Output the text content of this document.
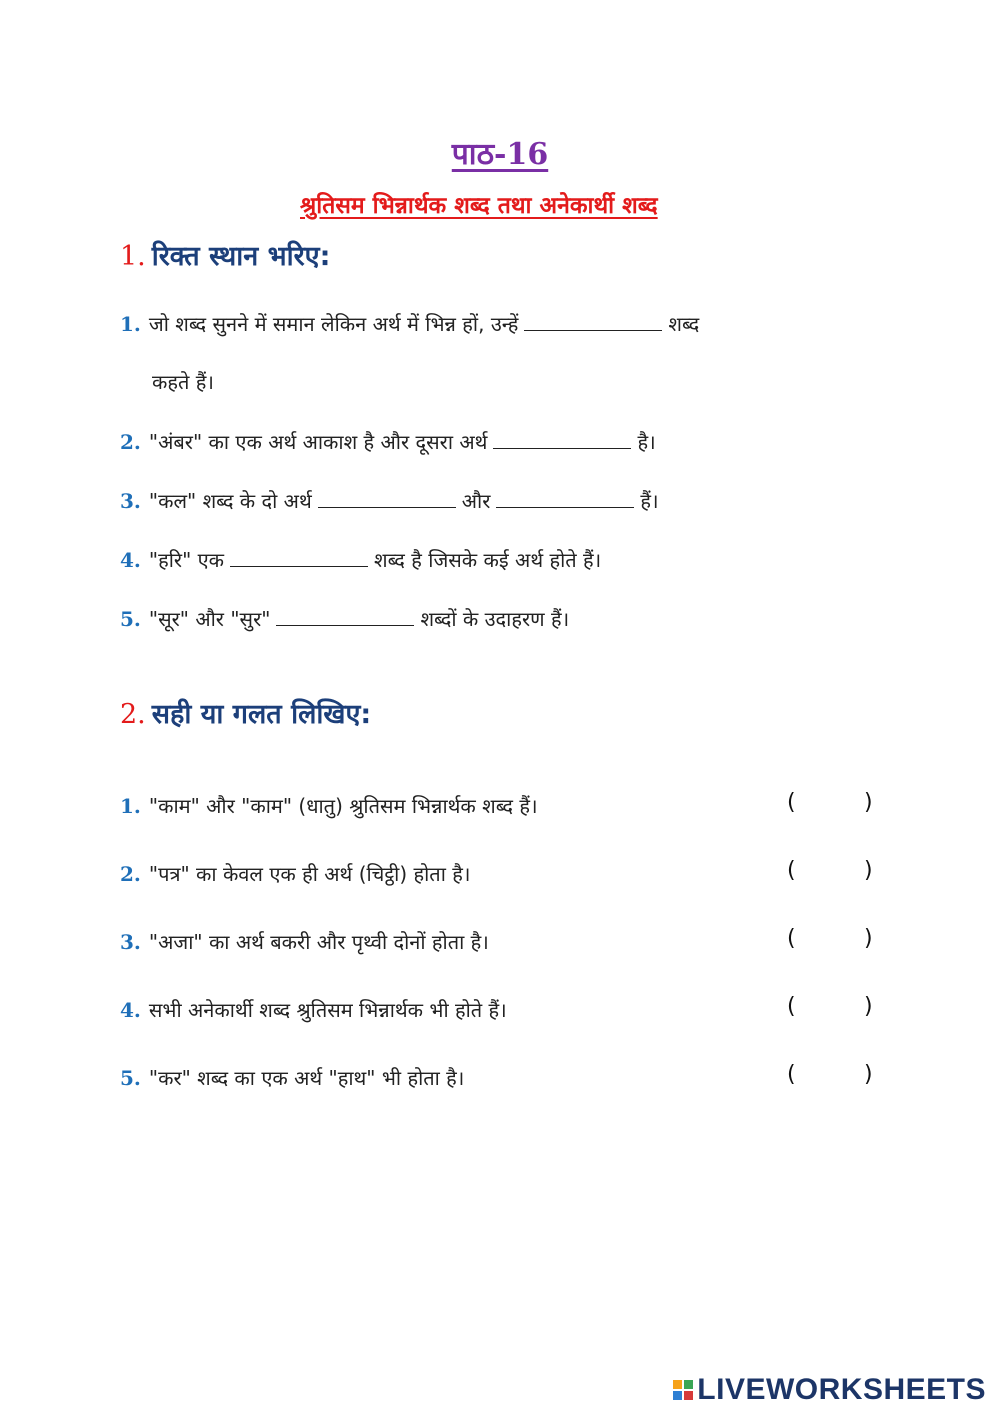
पाठ-16
श्रुतिसम भिन्नार्थक शब्द तथा अनेकार्थी शब्द
1. रिक्त स्थान भरिए:
1. जो शब्द सुनने में समान लेकिन अर्थ में भिन्न हों, उन्हें	शब्द
कहते हैं।
2. "अंबर" का एक अर्थ आकाश है और दूसरा अर्थ	है।
3. "कल" शब्द के दो अर्थ	और	हैं।
4. "हरि" एक	शब्द है जिसके कई अर्थ होते हैं।
5. "सूर" और "सुर"	शब्दों के उदाहरण हैं।
2. सही या गलत लिखिए:
1. "काम" और "काम" (धातु) श्रुतिसम भिन्नार्थक शब्द हैं।	(	)
2. "पत्र" का केवल एक ही अर्थ (चिट्ठी) होता है।	(	)
3. "अजा" का अर्थ बकरी और पृथ्वी दोनों होता है।	(	)
4. सभी अनेकार्थी शब्द श्रुतिसम भिन्नार्थक भी होते हैं।	(	)
5. "कर" शब्द का एक अर्थ "हाथ" भी होता है।	(	)
LIVEWORKSHEETS
